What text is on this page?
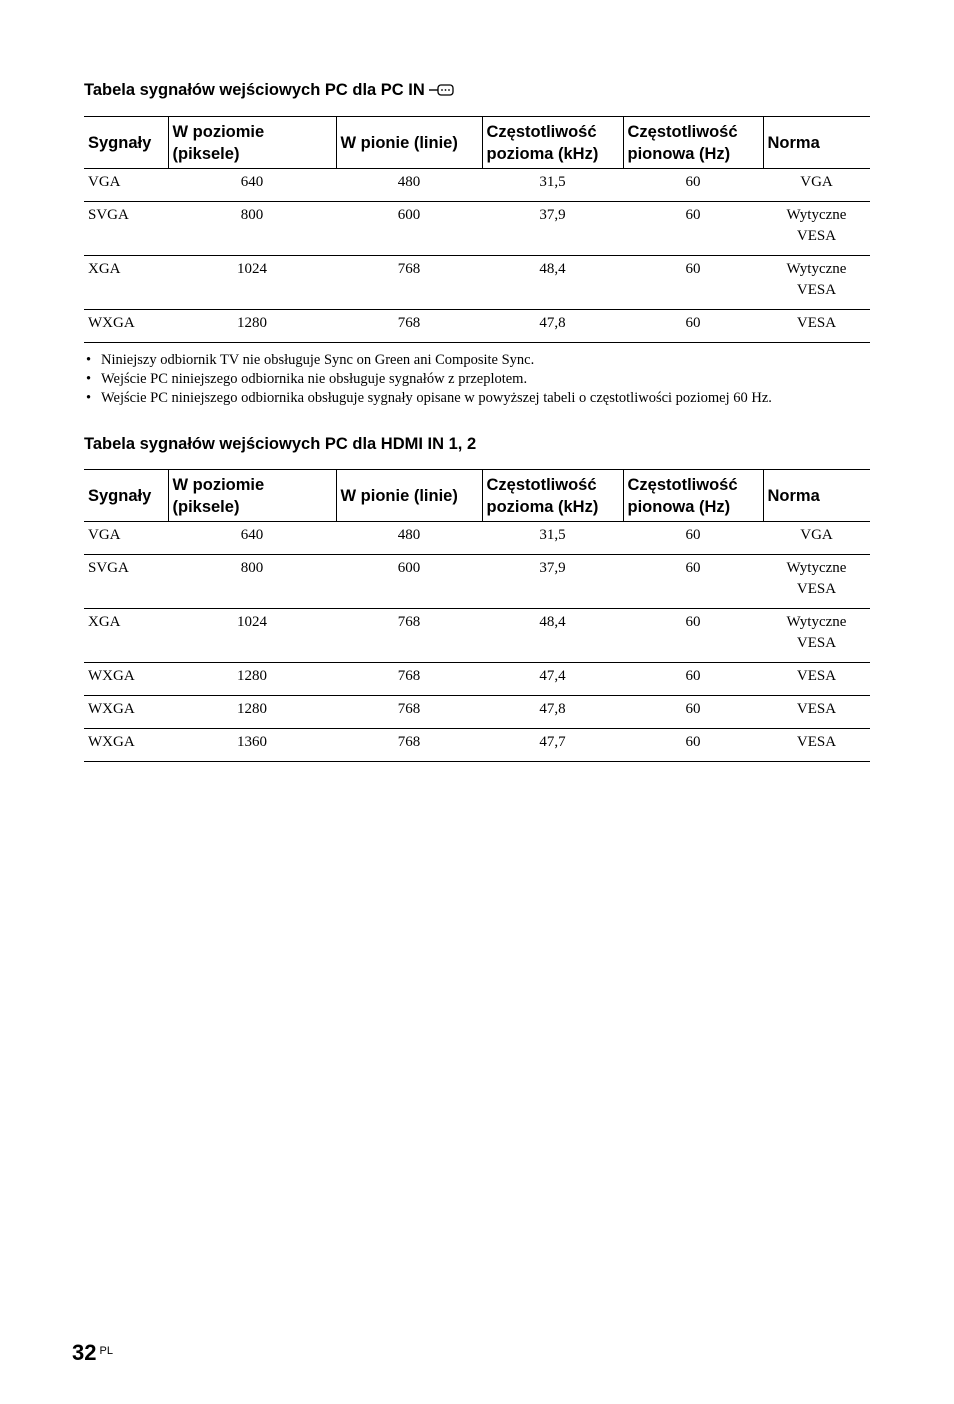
Tabela sygnałów wejściowych PC dla PC IN
Sygnały	W poziomie (piksele)	W pionie (linie)	Częstotliwość pozioma (kHz)	Częstotliwość pionowa (Hz)	Norma
VGA	640	480	31,5	60	VGA
SVGA	800	600	37,9	60	Wytyczne VESA
XGA	1024	768	48,4	60	Wytyczne VESA
WXGA	1280	768	47,8	60	VESA
• Niniejszy odbiornik TV nie obsługuje Sync on Green ani Composite Sync.
• Wejście PC niniejszego odbiornika nie obsługuje sygnałów z przeplotem.
• Wejście PC niniejszego odbiornika obsługuje sygnały opisane w powyższej tabeli o częstotliwości poziomej 60 Hz.
Tabela sygnałów wejściowych PC dla HDMI IN 1, 2
Sygnały	W poziomie (piksele)	W pionie (linie)	Częstotliwość pozioma (kHz)	Częstotliwość pionowa (Hz)	Norma
VGA	640	480	31,5	60	VGA
SVGA	800	600	37,9	60	Wytyczne VESA
XGA	1024	768	48,4	60	Wytyczne VESA
WXGA	1280	768	47,4	60	VESA
WXGA	1280	768	47,8	60	VESA
WXGA	1360	768	47,7	60	VESA
32 $^{PL}$
